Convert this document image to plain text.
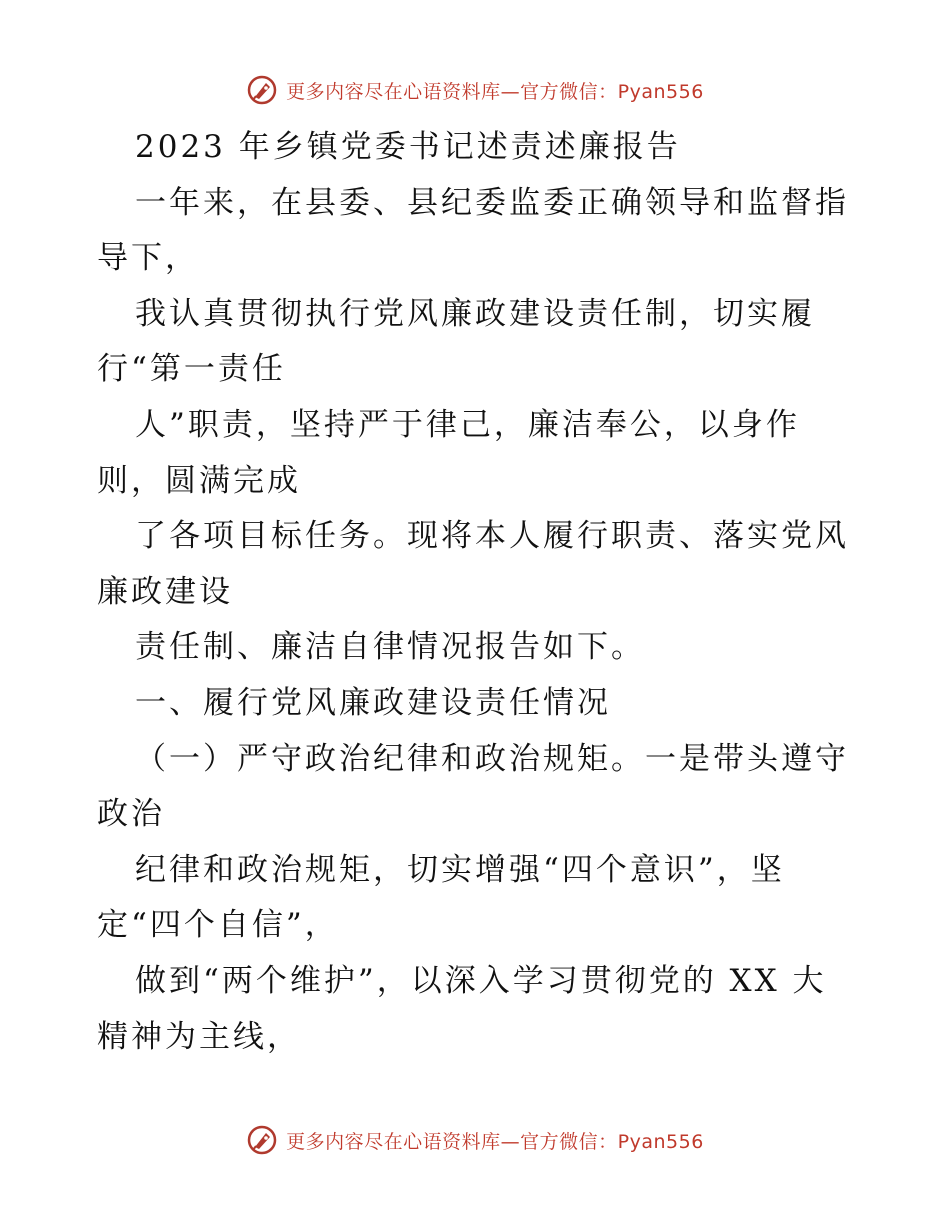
更多内容尽在心语资料库—官方微信：Pyan556
2023 年乡镇党委书记述责述廉报告
一年来，在县委、县纪委监委正确领导和监督指
导下，
我认真贯彻执行党风廉政建设责任制，切实履
行“第一责任
人”职责，坚持严于律己，廉洁奉公，以身作
则，圆满完成
了各项目标任务。现将本人履行职责、落实党风
廉政建设
责任制、廉洁自律情况报告如下。
一、履行党风廉政建设责任情况
（一）严守政治纪律和政治规矩。一是带头遵守
政治
纪律和政治规矩，切实增强“四个意识”，坚
定“四个自信”，
做到“两个维护”，以深入学习贯彻党的 XX 大
精神为主线，
更多内容尽在心语资料库—官方微信：Pyan556
